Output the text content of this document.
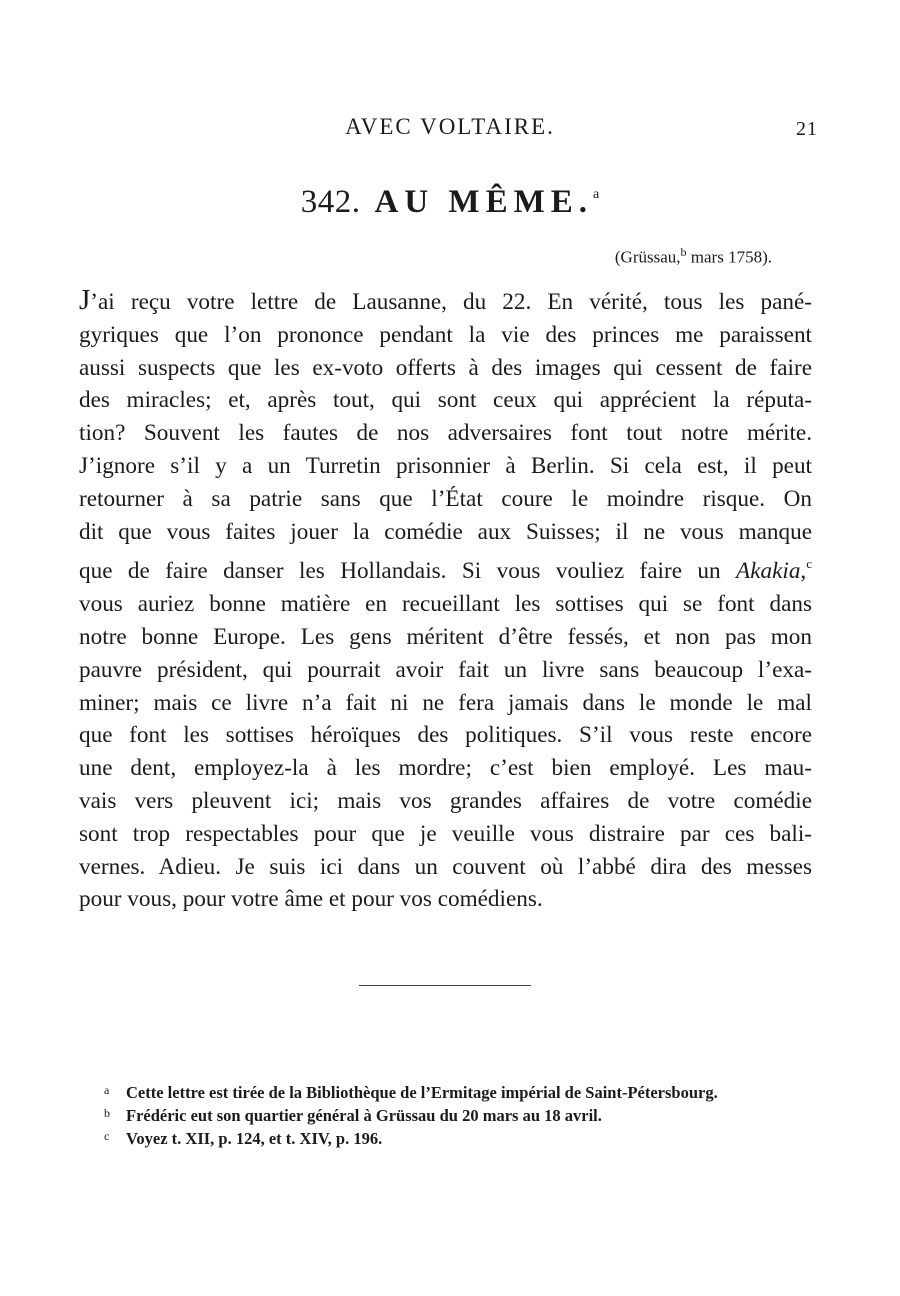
AVEC VOLTAIRE.	21
342. AU MÊME.$^a$
(Grüssau,$^b$ mars 1758).
J’ai reçu votre lettre de Lausanne, du 22. En vérité, tous les pané-
gyriques que l’on prononce pendant la vie des princes me paraissent
aussi suspects que les ex-voto offerts à des images qui cessent de faire
des miracles; et, après tout, qui sont ceux qui apprécient la réputa-
tion? Souvent les fautes de nos adversaires font tout notre mérite.
J’ignore s’il y a un Turretin prisonnier à Berlin. Si cela est, il peut
retourner à sa patrie sans que l’État coure le moindre risque. On
dit que vous faites jouer la comédie aux Suisses; il ne vous manque
que de faire danser les Hollandais. Si vous vouliez faire un Akakia,$^c$
vous auriez bonne matière en recueillant les sottises qui se font dans
notre bonne Europe. Les gens méritent d’être fessés, et non pas mon
pauvre président, qui pourrait avoir fait un livre sans beaucoup l’exa-
miner; mais ce livre n’a fait ni ne fera jamais dans le monde le mal
que font les sottises héroïques des politiques. S’il vous reste encore
une dent, employez-la à les mordre; c’est bien employé. Les mau-
vais vers pleuvent ici; mais vos grandes affaires de votre comédie
sont trop respectables pour que je veuille vous distraire par ces bali-
vernes. Adieu. Je suis ici dans un couvent où l’abbé dira des messes
pour vous, pour votre âme et pour vos comédiens.
a Cette lettre est tirée de la Bibliothèque de l’Ermitage impérial de Saint-Pétersbourg.
b Frédéric eut son quartier général à Grüssau du 20 mars au 18 avril.
c Voyez t. XII, p. 124, et t. XIV, p. 196.
